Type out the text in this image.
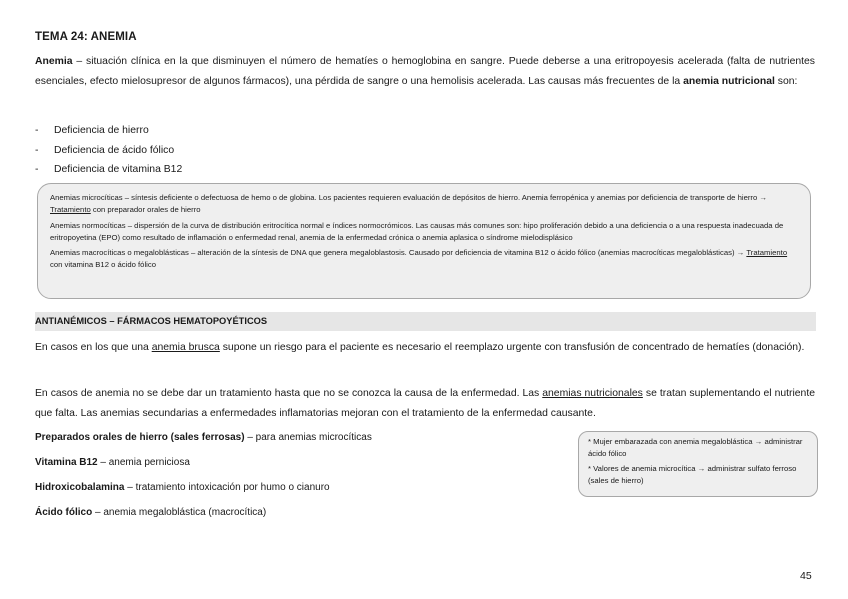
TEMA 24: ANEMIA
Anemia – situación clínica en la que disminuyen el número de hematíes o hemoglobina en sangre. Puede deberse a una eritropoyesis acelerada (falta de nutrientes esenciales, efecto mielosupresor de algunos fármacos), una pérdida de sangre o una hemolisis acelerada. Las causas más frecuentes de la anemia nutricional son:
- Deficiencia de hierro
- Deficiencia de ácido fólico
- Deficiencia de vitamina B12

Anemias microcíticas – síntesis deficiente o defectuosa de hemo o de globina. Los pacientes requieren evaluación de depósitos de hierro. Anemia ferropénica y anemias por deficiencia de transporte de hierro → Tratamiento con preparador orales de hierro

Anemias normocíticas – dispersión de la curva de distribución eritrocítica normal e índices normocrómicos. Las causas más comunes son: hipo proliferación debido a una deficiencia o a una respuesta inadecuada de eritropoyetina (EPO) como resultado de inflamación o enfermedad renal, anemia de la enfermedad crónica o anemia aplasica o síndrome mielodisplásico

Anemias macrocíticas o megaloblásticas – alteración de la síntesis de DNA que genera megaloblastosis. Causado por deficiencia de vitamina B12 o ácido fólico (anemias macrocíticas megaloblásticas) → Tratamiento con vitamina B12 o ácido fólico

ANTIANÉMICOS – FÁRMACOS HEMATOPOYÉTICOS
En casos en los que una anemia brusca supone un riesgo para el paciente es necesario el reemplazo urgente con transfusión de concentrado de hematíes (donación).
En casos de anemia no se debe dar un tratamiento hasta que no se conozca la causa de la enfermedad. Las anemias nutricionales se tratan suplementando el nutriente que falta. Las anemias secundarias a enfermedades inflamatorias mejoran con el tratamiento de la enfermedad causante.
Preparados orales de hierro (sales ferrosas) – para anemias microcíticas
Vitamina B12 – anemia perniciosa
Hidroxicobalamina – tratamiento intoxicación por humo o cianuro
Ácido fólico – anemia megaloblástica (macrocítica)

* Mujer embarazada con anemia megaloblástica → administrar ácido fólico

* Valores de anemia microcítica → administrar sulfato ferroso (sales de hierro)

45
